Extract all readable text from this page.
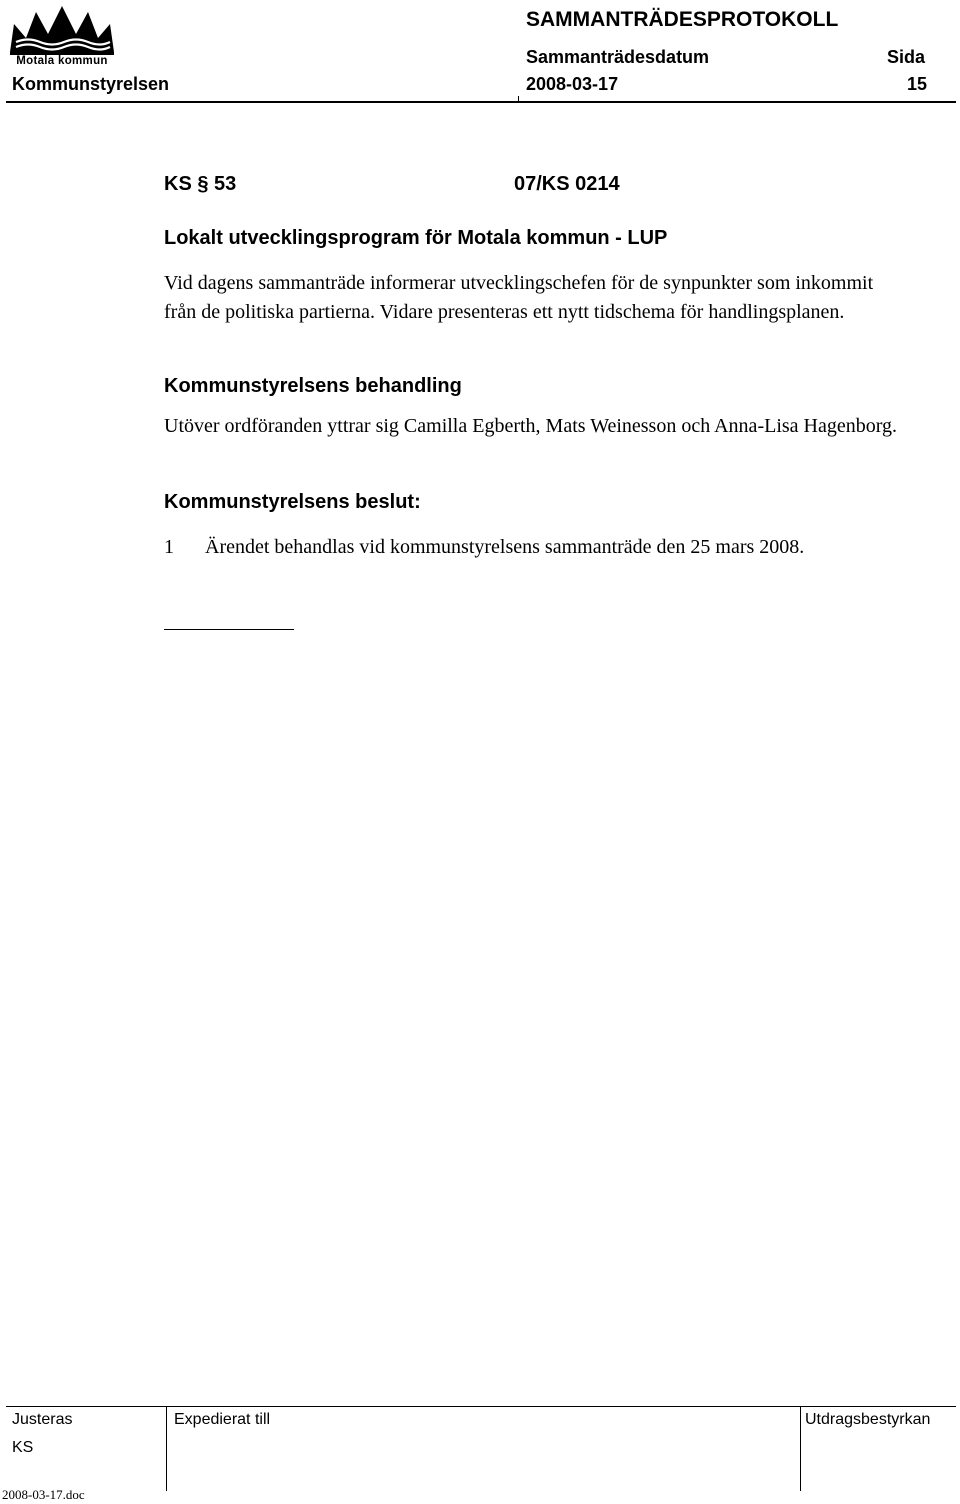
Motala kommun
SAMMANTRÄDESPROTOKOLL
Sammanträdesdatum	Sida
Kommunstyrelsen	2008-03-17	15
KS § 53	07/KS 0214
Lokalt utvecklingsprogram för Motala kommun - LUP
Vid dagens sammanträde informerar utvecklingschefen för de synpunkter som inkommit från de politiska partierna. Vidare presenteras ett nytt tidschema för handlingsplanen.
Kommunstyrelsens behandling
Utöver ordföranden yttrar sig Camilla Egberth, Mats Weinesson och Anna-Lisa Hagenborg.
Kommunstyrelsens beslut:
1 Ärendet behandlas vid kommunstyrelsens sammanträde den 25 mars 2008.
Justeras	Expedierat till	Utdragsbestyrkan
KS
2008-03-17.doc
